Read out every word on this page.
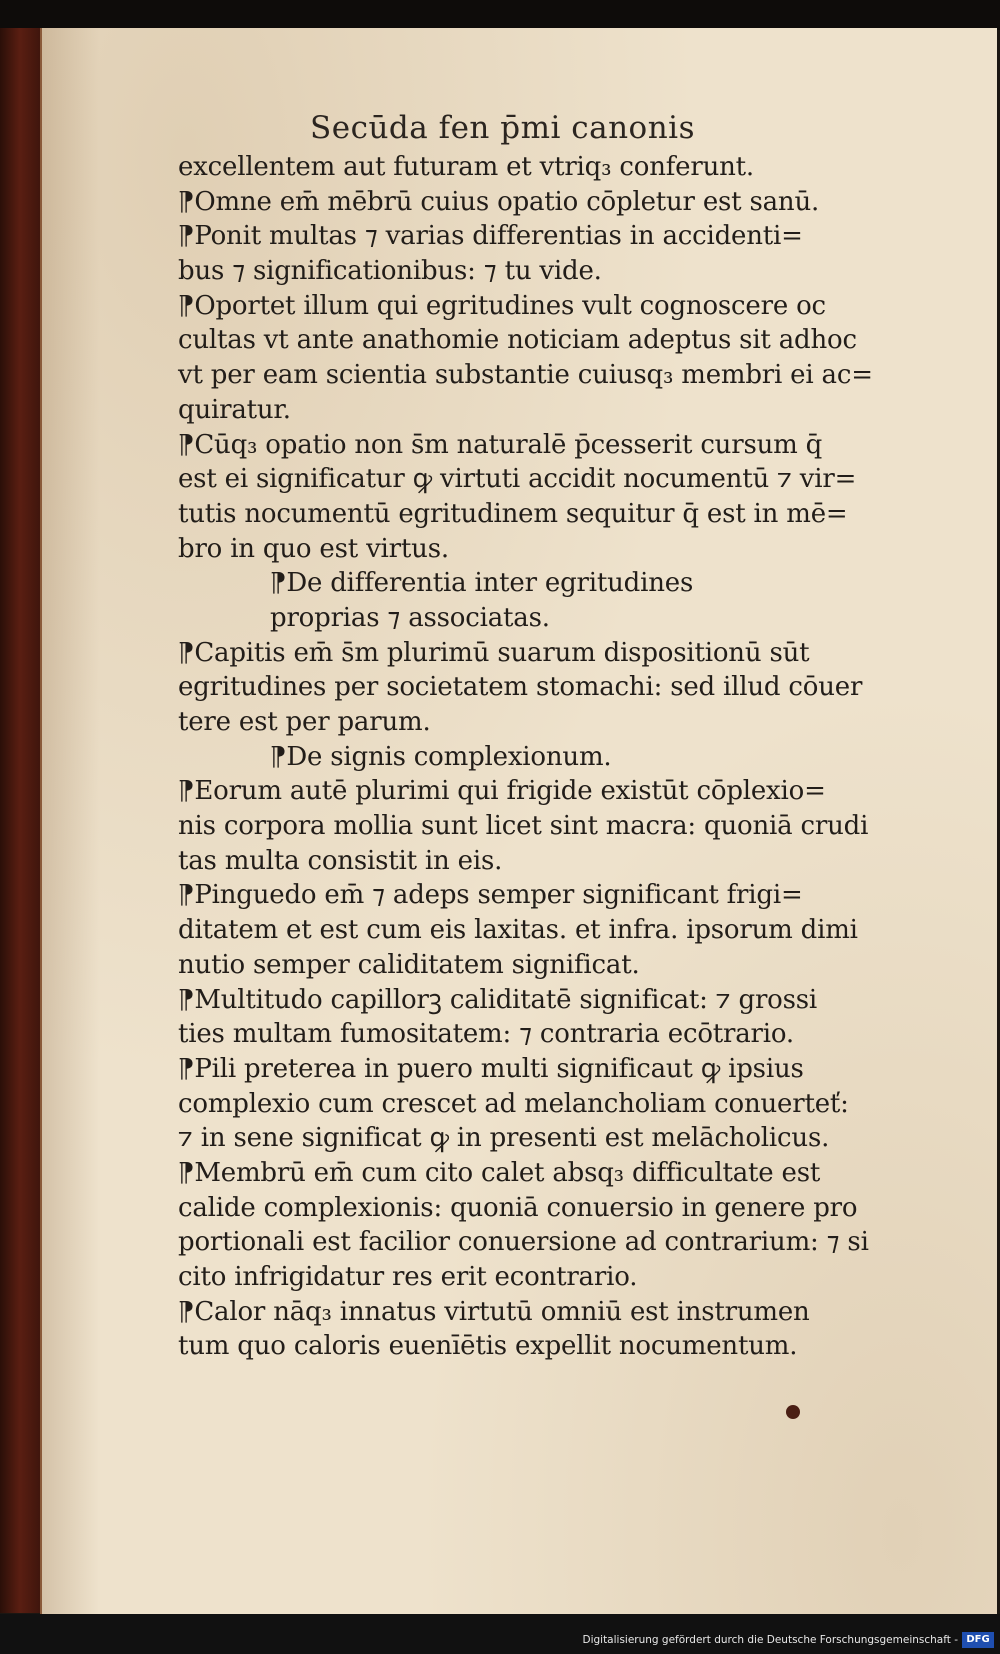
Secūda fen p̄mi canonis
excellentem aut futuram et vtriq₃ conferunt.
⁋Omne em̄ mēbrū cuius opatio cōpletur est sanū.
⁋Ponit multas ⁊ varias differentias in accidenti=
bus ⁊ significationibus: ⁊ tu vide.
⁋Oportet illum qui egritudines vult cognoscere oc
cultas vt ante anathomie noticiam adeptus sit adhoc
vt per eam scientia substantie cuiusq₃ membri ei ac=
quiratur.
⁋Cūq₃ opatio non s̄m naturalē p̄cesserit cursum q̄
est ei significatur ꝙ virtuti accidit nocumentū ⁊ vir=
tutis nocumentū egritudinem sequitur q̄ est in mē=
bro in quo est virtus.
⁋De differentia inter egritudines
proprias ⁊ associatas.
⁋Capitis em̄ s̄m plurimū suarum dispositionū sūt
egritudines per societatem stomachi: sed illud cōuer
tere est per parum.
⁋De signis complexionum.
⁋Eorum autē plurimi qui frigide existūt cōplexio=
nis corpora mollia sunt licet sint macra: quoniā crudi
tas multa consistit in eis.
⁋Pinguedo em̄ ⁊ adeps semper significant frigi=
ditatem et est cum eis laxitas. et infra. ipsorum dimi
nutio semper caliditatem significat.
⁋Multitudo capillorꝫ caliditatē significat: ⁊ grossi
ties multam fumositatem: ⁊ contraria ecōtrario.
⁋Pili preterea in puero multi significaut ꝙ ipsius
complexio cum crescet ad melancholiam conuerteť:
⁊ in sene significat ꝙ in presenti est melācholicus.
⁋Membrū em̄ cum cito calet absq₃ difficultate est
calide complexionis: quoniā conuersio in genere pro
portionali est facilior conuersione ad contrarium: ⁊ si
cito infrigidatur res erit econtrario.
⁋Calor nāq₃ innatus virtutū omniū est instrumen
tum quo caloris euenīētis expellit nocumentum.
Digitalisierung gefördert durch die Deutsche Forschungsgemeinschaft - DFG
